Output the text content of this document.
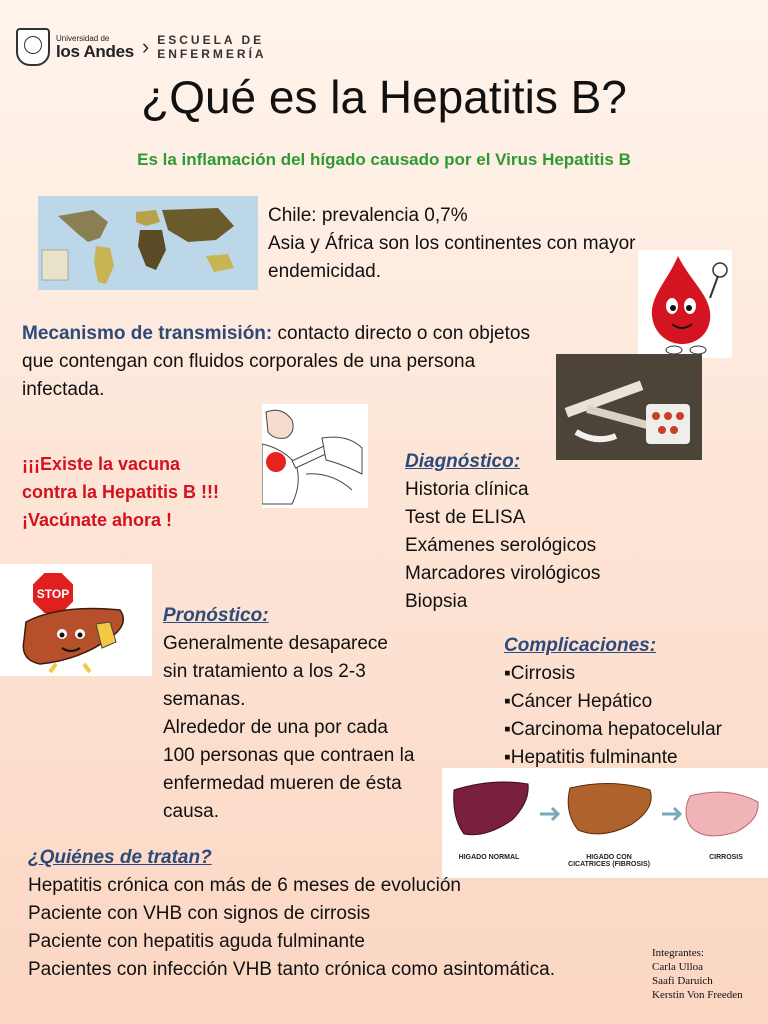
Universidad de
los Andes › ESCUELA DE
ENFERMERÍA
¿Qué es la Hepatitis B?
Es la inflamación del hígado causado por el Virus Hepatitis B
Chile: prevalencia 0,7%
Asia y África son los continentes con mayor
endemicidad.
Mecanismo de transmisión: contacto directo o con objetos
que contengan con fluidos corporales de una persona
infectada.
¡¡¡Existe la vacuna
contra la Hepatitis B !!!
¡Vacúnate ahora !
Diagnóstico:
Historia clínica
Test de ELISA
Exámenes serológicos
Marcadores virológicos
Biopsia
STOP
Pronóstico:
Generalmente desaparece
sin tratamiento a los 2-3
semanas.
Alrededor de una por cada
100 personas que contraen la
enfermedad mueren de ésta
causa.
Complicaciones:
▪Cirrosis
▪Cáncer Hepático
▪Carcinoma hepatocelular
▪Hepatitis fulminante
HIGADO NORMAL	HIGADO CON
CICATRICES (FIBROSIS)
CIRROSIS
¿Quiénes de tratan?
Hepatitis crónica con más de 6 meses de evolución
Paciente con VHB con signos de cirrosis
Paciente con hepatitis aguda fulminante
Pacientes con infección VHB tanto crónica como asintomática.
Integrantes:
Carla Ulloa
Saafi Daruich
Kerstin Von Freeden
